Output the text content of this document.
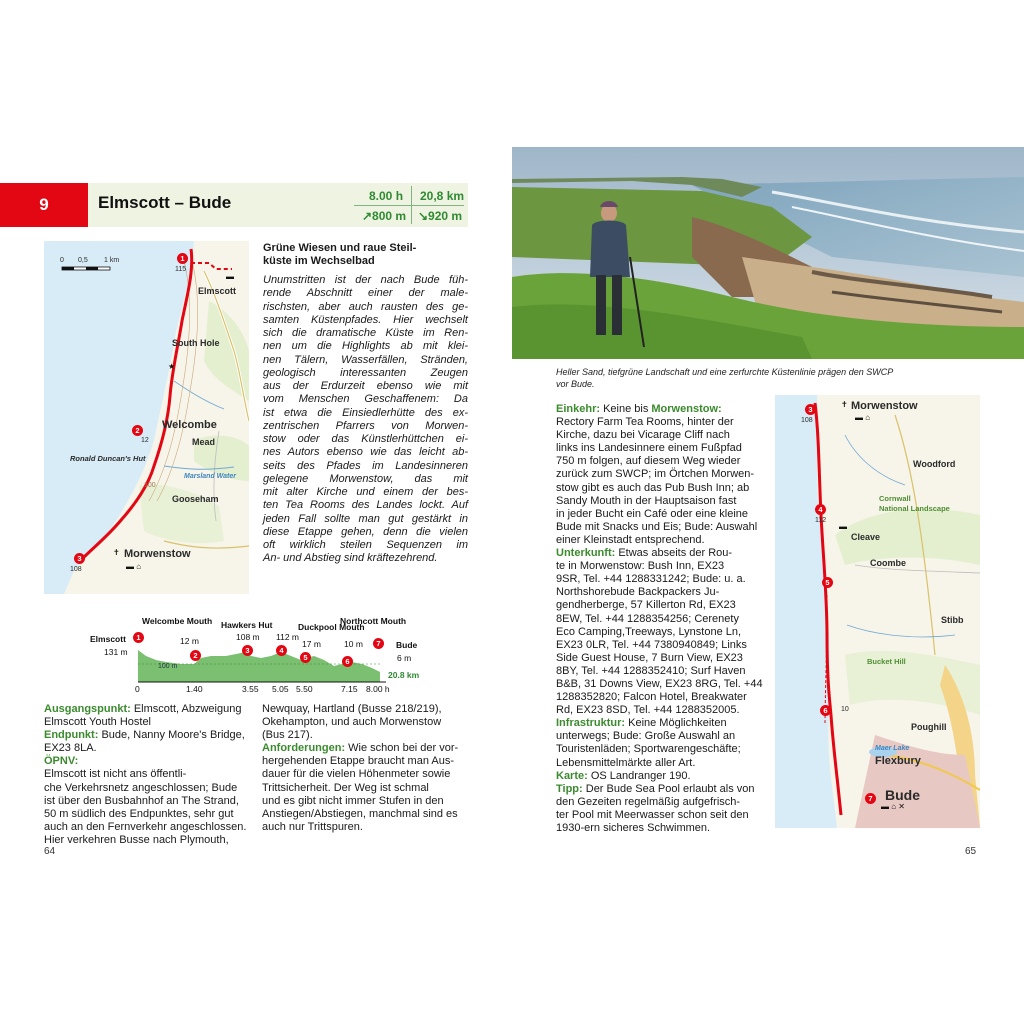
9	Elmscott – Bude	8.00 h 20,8 km
↗800 m ↘920 m
0 0,5 1 km	1
115
Elmscott
▬
South Hole
★
Welcombe
Mead
2
12
Ronald Duncan's Hut
Marsland Water
100
Gooseham
Morwenstow
✝
▬ ⌂
3
108
Grüne Wiesen und raue Steil-
küste im Wechselbad

Unumstritten ist der nach Bude füh-

rende Abschnitt einer der male-

rischsten, aber auch rausten des ge-

samten Küstenpfades. Hier wechselt

sich die dramatische Küste im Ren-

nen um die Highlights ab mit klei-

nen Tälern, Wasserfällen, Stränden,

geologisch interessanten Zeugen

aus der Erdurzeit ebenso wie mit

vom Menschen Geschaffenem: Da

ist etwa die Einsiedlerhütte des ex-

zentrischen Pfarrers von Morwen-

stow oder das Künstlerhüttchen ei-

nes Autors ebenso wie das leicht ab-

seits des Pfades im Landesinneren

gelegene Morwenstow, das mit

mit alter Kirche und einem der bes-

ten Tea Rooms des Landes lockt. Auf

jeden Fall sollte man gut gestärkt in

diese Etappe gehen, denn die vielen

oft wirklich steilen Sequenzen im

An- und Abstieg sind kräftezehrend.

Welcombe Mouth Hawkers Hut	Duckpool Mouth
Northcott Mouth
Elmscott
Bude
131 m
12 m	108 m 112 m
17 m	10 m
6 m
1
2
3	4
5	6
7
100 m
0	1.40	3.55 5.05 5.50	7.15 8.00 h
20.8 km

Ausgangspunkt: Elmscott, Abzweigung

Elmscott Youth Hostel

Endpunkt: Bude, Nanny Moore's Bridge,

EX23 8LA.

ÖPNV:

Elmscott ist nicht ans öffentli-

che Verkehrsnetz angeschlossen; Bude

ist über den Busbahnhof an The Strand,

50 m südlich des Endpunktes, sehr gut

auch an den Fernverkehr angeschlossen.

Hier verkehren Busse nach Plymouth,

Newquay, Hartland (Busse 218/219),

Okehampton, und auch Morwenstow

(Bus 217).

Anforderungen: Wie schon bei der vor-

hergehenden Etappe braucht man Aus-

dauer für die vielen Höhenmeter sowie

Trittsicherheit. Der Weg ist schmal

und es gibt nicht immer Stufen in den

Anstiegen/Abstiegen, manchmal sind es

auch nur Trittspuren.

64
Heller Sand, tiefgrüne Landschaft und eine zerfurchte Küstenlinie prägen den SWCP
vor Bude.

Einkehr: Keine bis Morwenstow:

Rectory Farm Tea Rooms, hinter der

Kirche, dazu bei Vicarage Cliff nach

links ins Landesinnere einem Fußpfad

750 m folgen, auf diesem Weg wieder

zurück zum SWCP; im Örtchen Morwen-

stow gibt es auch das Pub Bush Inn; ab

Sandy Mouth in der Hauptsaison fast

in jeder Bucht ein Café oder eine kleine

Bude mit Snacks und Eis; Bude: Auswahl

einer Kleinstadt entsprechend.

Unterkunft: Etwas abseits der Rou-

te in Morwenstow: Bush Inn, EX23

9SR, Tel. +44 1288331242; Bude: u. a.

Northshorebude Backpackers Ju-

gendherberge, 57 Killerton Rd, EX23

8EW, Tel. +44 1288354256; Cerenety

Eco Camping,Treeways, Lynstone Ln,

EX23 0LR, Tel. +44 7380940849; Links

Side Guest House, 7 Burn View, EX23

8BY, Tel. +44 1288352410; Surf Haven

B&B, 31 Downs View, EX23 8RG, Tel. +44

1288352820; Falcon Hotel, Breakwater

Rd, EX23 8SD, Tel. +44 1288352005.

Infrastruktur: Keine Möglichkeiten

unterwegs; Bude: Große Auswahl an

Touristenläden; Sportwarengeschäfte;

Lebensmittelmärkte aller Art.

Karte: OS Landranger 190.

Tipp: Der Bude Sea Pool erlaubt als von

den Gezeiten regelmäßig aufgefrisch-

ter Pool mit Meerwasser schon seit den

1930-ern sicheres Schwimmen.

3
108
Morwenstow
✝
▬ ⌂
Woodford
Cornwall
National Landscape
4
112
Cleave
▬
Coombe
5
Stibb
Bucket Hill
6	10
Poughill
Maer Lake
Flexbury
7 Bude
▬ ⌂ ✕
65
